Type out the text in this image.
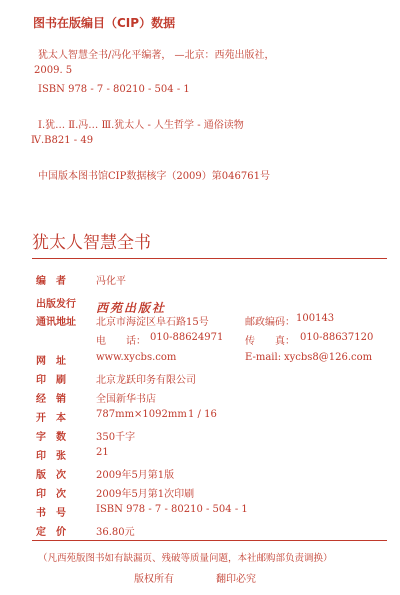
图书在版编目（CIP）数据
犹太人智慧全书/冯化平编著， —北京：西苑出版社，
2009. 5
ISBN 978 - 7 - 80210 - 504 - 1
Ⅰ.犹… Ⅱ.冯… Ⅲ.犹太人 - 人生哲学 - 通俗读物
Ⅳ.B821 - 49
中国版本图书馆CIP数据核字（2009）第046761号
犹太人智慧全书
编　者	冯化平
出版发行 西苑出版社
通讯地址 北京市海淀区阜石路15号	邮政编码： 100143
电　　话： 010-88624971 传　　真： 010-88637120
网　址	www.xycbs.com	E-mail: xycbs8@126.com
印　刷	北京龙跃印务有限公司
经　销	全国新华书店
开　本	787mm×1092mm 1 / 16
字　数	350千字
印　张	21
版　次	2009年5月第1版
印　次	2009年5月第1次印刷
书　号	ISBN 978 - 7 - 80210 - 504 - 1
定　价	36.80元
（凡西苑版图书如有缺漏页、残破等质量问题，本社邮购部负责调换）
版权所有	翻印必究
